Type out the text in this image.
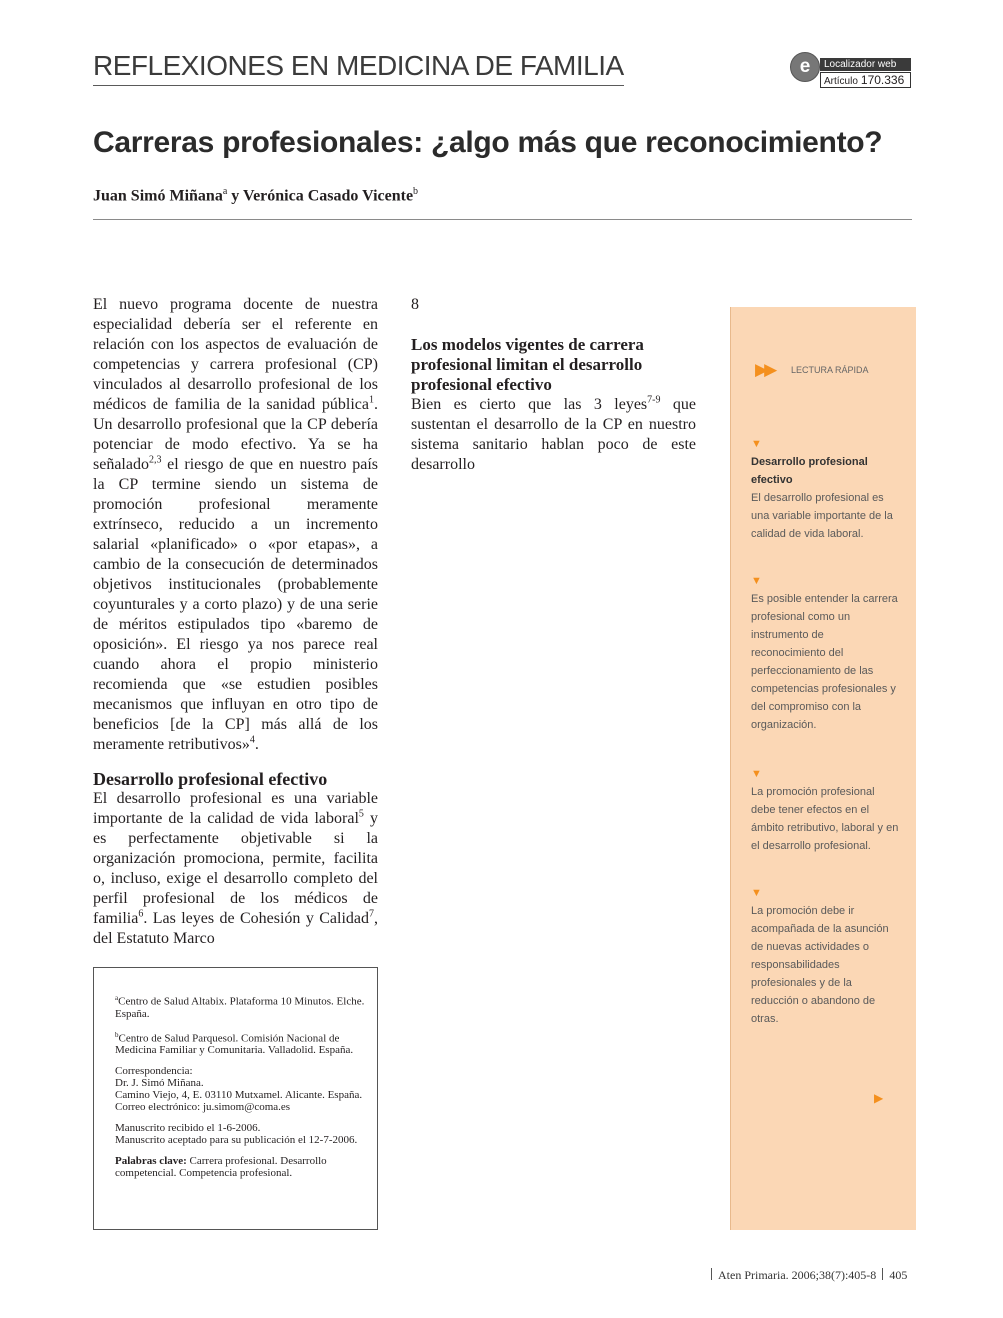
REFLEXIONES EN MEDICINA DE FAMILIA	e	Localizador web
Artículo 170.336
Carreras profesionales: ¿algo más que reconocimiento?
Juan Simó Miñana$^a$ y Verónica Casado Vicente$^b$

El nuevo programa docente de nuestra especialidad debería ser el referente en relación con los aspectos de evaluación de competencias y carrera profesional (CP) vinculados al desarrollo profesional de los médicos de familia de la sanidad pública$^1$. Un desarrollo profesional que la CP debería potenciar de modo efectivo. Ya se ha señalado$^{2,3}$ el riesgo de que en nuestro país la CP termine siendo un sistema de promoción profesional meramente extrínseco, reducido a un incremento salarial «planificado» o «por etapas», a cambio de la consecución de determinados objetivos institucionales (probablemente coyunturales y a corto plazo) y de una serie de méritos estipulados tipo «baremo de oposición». El riesgo ya nos parece real cuando ahora el propio ministerio recomienda que «se estudien posibles mecanismos que influyan en otro tipo de beneficios [de la CP] más allá de los meramente retributivos»$^4$.

Desarrollo profesional efectivo

El desarrollo profesional es una variable importante de la calidad de vida laboral$^5$ y es perfectamente objetivable si la organización promociona, permite, facilita o, incluso, exige el desarrollo completo del perfil profesional de los médicos de familia$^6$. Las leyes de Cohesión y Calidad$^7$, del Estatuto Marco

$^a$Centro de Salud Altabix. Plataforma 10 Minutos. Elche. España.

$^b$Centro de Salud Parquesol. Comisión Nacional de Medicina Familiar y Comunitaria. Valladolid. España.

Correspondencia:
Dr. J. Simó Miñana.
Camino Viejo, 4, E. 03110 Mutxamel. Alicante. España.
Correo electrónico: ju.simom@coma.es

Manuscrito recibido el 1-6-2006.
Manuscrito aceptado para su publicación el 12-7-2006.

Palabras clave: Carrera profesional. Desarrollo competencial. Competencia profesional.

8

Los modelos vigentes de carrera profesional limitan el desarrollo profesional efectivo

Bien es cierto que las 3 leyes$^{7-9}$ que sustentan el desarrollo de la CP en nuestro sistema sanitario hablan poco de este desarrollo

▶▶ LECTURA RÁPIDA
▼
Desarrollo profesional efectivo
El desarrollo profesional es una variable importante de la calidad de vida laboral.
▼
Es posible entender la carrera profesional como un instrumento de reconocimiento del perfeccionamiento de las competencias profesionales y del compromiso con la organización.
▼
La promoción profesional debe tener efectos en el ámbito retributivo, laboral y en el desarrollo profesional.
▼
La promoción debe ir acompañada de la asunción de nuevas actividades o responsabilidades profesionales y de la reducción o abandono de otras.
▶
Aten Primaria. 2006;38(7):405-8 405
